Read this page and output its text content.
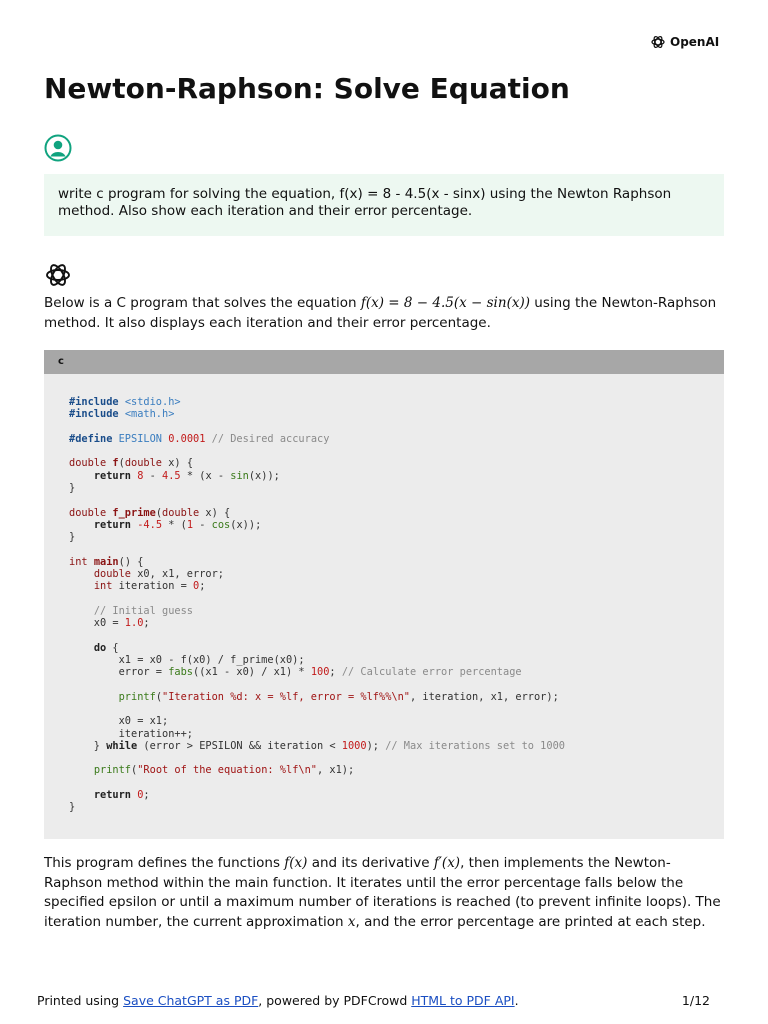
OpenAI
Newton-Raphson: Solve Equation
write c program for solving the equation, f(x) = 8 - 4.5(x - sinx) using the Newton Raphson method. Also show each iteration and their error percentage.

Below is a C program that solves the equation f(x) = 8 − 4.5(x − sin(x)) using the Newton-Raphson method. It also displays each iteration and their error percentage.

c
#include <stdio.h>
#include <math.h>

#define EPSILON 0.0001 // Desired accuracy

double f(double x) {
return 8 - 4.5 * (x - sin(x));
}

double f_prime(double x) {
return -4.5 * (1 - cos(x));
}

int main() {
double x0, x1, error;
int iteration = 0;

// Initial guess
x0 = 1.0;

do {
x1 = x0 - f(x0) / f_prime(x0);
error = fabs((x1 - x0) / x1) * 100; // Calculate error percentage

printf("Iteration %d: x = %lf, error = %lf%%\n", iteration, x1, error);

x0 = x1;
iteration++;
} while (error > EPSILON && iteration < 1000); // Max iterations set to 1000

printf("Root of the equation: %lf\n", x1);

return 0;
}

This program defines the functions f(x) and its derivative f′(x), then implements the Newton-Raphson method within the main function. It iterates until the error percentage falls below the specified epsilon or until a maximum number of iterations is reached (to prevent infinite loops). The iteration number, the current approximation x, and the error percentage are printed at each step.

Printed using Save ChatGPT as PDF, powered by PDFCrowd HTML to PDF API.	1/12
